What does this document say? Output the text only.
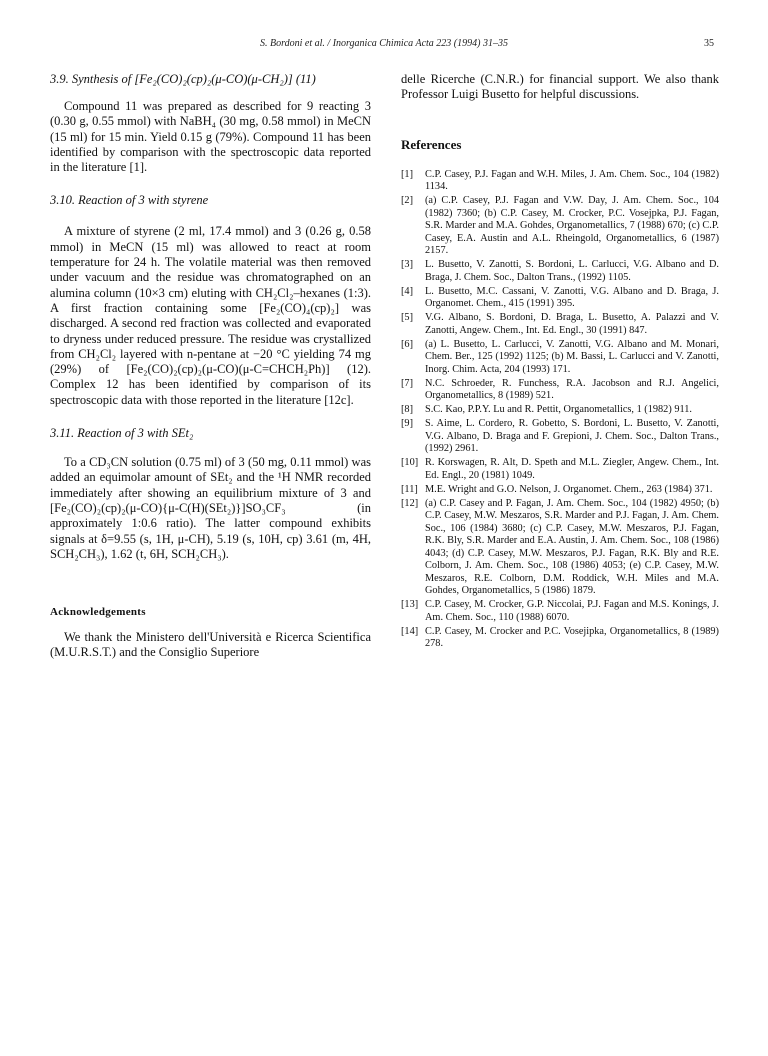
S. Bordoni et al. / Inorganica Chimica Acta 223 (1994) 31–35	35
3.9. Synthesis of [Fe₂(CO)₂(cp)₂(μ-CO)(μ-CH₂)] (11)

Compound 11 was prepared as described for 9 reacting 3 (0.30 g, 0.55 mmol) with NaBH₄ (30 mg, 0.58 mmol) in MeCN (15 ml) for 15 min. Yield 0.15 g (79%). Compound 11 has been identified by comparison with the spectroscopic data reported in the literature [1].

3.10. Reaction of 3 with styrene

A mixture of styrene (2 ml, 17.4 mmol) and 3 (0.26 g, 0.58 mmol) in MeCN (15 ml) was allowed to react at room temperature for 24 h. The volatile material was then removed under vacuum and the residue was chromatographed on an alumina column (10×3 cm) eluting with CH₂Cl₂–hexanes (1:3). A first fraction containing some [Fe₂(CO)₄(cp)₂] was discharged. A second red fraction was collected and evaporated to dryness under reduced pressure. The residue was crystallized from CH₂Cl₂ layered with n-pentane at −20 °C yielding 74 mg (29%) of [Fe₂(CO)₂(cp)₂(μ-CO)(μ-C=CHCH₂Ph)] (12). Complex 12 has been identified by comparison of its spectroscopic data with those reported in the literature [12c].

3.11. Reaction of 3 with SEt₂

To a CD₃CN solution (0.75 ml) of 3 (50 mg, 0.11 mmol) was added an equimolar amount of SEt₂ and the ¹H NMR recorded immediately after showing an equilibrium mixture of 3 and [Fe₂(CO)₂(cp)₂(μ-CO){μ-C(H)(SEt₂)}]SO₃CF₃ (in approximately 1:0.6 ratio). The latter compound exhibits signals at δ=9.55 (s, 1H, μ-CH), 5.19 (s, 10H, cp) 3.61 (m, 4H, SCH₂CH₃), 1.62 (t, 6H, SCH₂CH₃).

Acknowledgements

We thank the Ministero dell'Università e Ricerca Scientifica (M.U.R.S.T.) and the Consiglio Superiore

delle Ricerche (C.N.R.) for financial support. We also thank Professor Luigi Busetto for helpful discussions.

References
[1]	C.P. Casey, P.J. Fagan and W.H. Miles, J. Am. Chem. Soc., 104 (1982) 1134.
[2]	(a) C.P. Casey, P.J. Fagan and V.W. Day, J. Am. Chem. Soc., 104 (1982) 7360; (b) C.P. Casey, M. Crocker, P.C. Vosejpka, P.J. Fagan, S.R. Marder and M.A. Gohdes, Organometallics, 7 (1988) 670; (c) C.P. Casey, E.A. Austin and A.L. Rheingold, Organometallics, 6 (1987) 2157.
[3]	L. Busetto, V. Zanotti, S. Bordoni, L. Carlucci, V.G. Albano and D. Braga, J. Chem. Soc., Dalton Trans., (1992) 1105.
[4]	L. Busetto, M.C. Cassani, V. Zanotti, V.G. Albano and D. Braga, J. Organomet. Chem., 415 (1991) 395.
[5]	V.G. Albano, S. Bordoni, D. Braga, L. Busetto, A. Palazzi and V. Zanotti, Angew. Chem., Int. Ed. Engl., 30 (1991) 847.
[6]	(a) L. Busetto, L. Carlucci, V. Zanotti, V.G. Albano and M. Monari, Chem. Ber., 125 (1992) 1125; (b) M. Bassi, L. Carlucci and V. Zanotti, Inorg. Chim. Acta, 204 (1993) 171.
[7]	N.C. Schroeder, R. Funchess, R.A. Jacobson and R.J. Angelici, Organometallics, 8 (1989) 521.
[8]	S.C. Kao, P.P.Y. Lu and R. Pettit, Organometallics, 1 (1982) 911.
[9]	S. Aime, L. Cordero, R. Gobetto, S. Bordoni, L. Busetto, V. Zanotti, V.G. Albano, D. Braga and F. Grepioni, J. Chem. Soc., Dalton Trans., (1992) 2961.
[10] R. Korswagen, R. Alt, D. Speth and M.L. Ziegler, Angew. Chem., Int. Ed. Engl., 20 (1981) 1049.
[11] M.E. Wright and G.O. Nelson, J. Organomet. Chem., 263 (1984) 371.
[12] (a) C.P. Casey and P. Fagan, J. Am. Chem. Soc., 104 (1982) 4950; (b) C.P. Casey, M.W. Meszaros, S.R. Marder and P.J. Fagan, J. Am. Chem. Soc., 106 (1984) 3680; (c) C.P. Casey, M.W. Meszaros, P.J. Fagan, R.K. Bly, S.R. Marder and E.A. Austin, J. Am. Chem. Soc., 108 (1986) 4043; (d) C.P. Casey, M.W. Meszaros, P.J. Fagan, R.K. Bly and R.E. Colborn, J. Am. Chem. Soc., 108 (1986) 4053; (e) C.P. Casey, M.W. Meszaros, R.E. Colborn, D.M. Roddick, W.H. Miles and M.A. Gohdes, Organometallics, 5 (1986) 1879.
[13] C.P. Casey, M. Crocker, G.P. Niccolai, P.J. Fagan and M.S. Konings, J. Am. Chem. Soc., 110 (1988) 6070.
[14] C.P. Casey, M. Crocker and P.C. Vosejipka, Organometallics, 8 (1989) 278.
